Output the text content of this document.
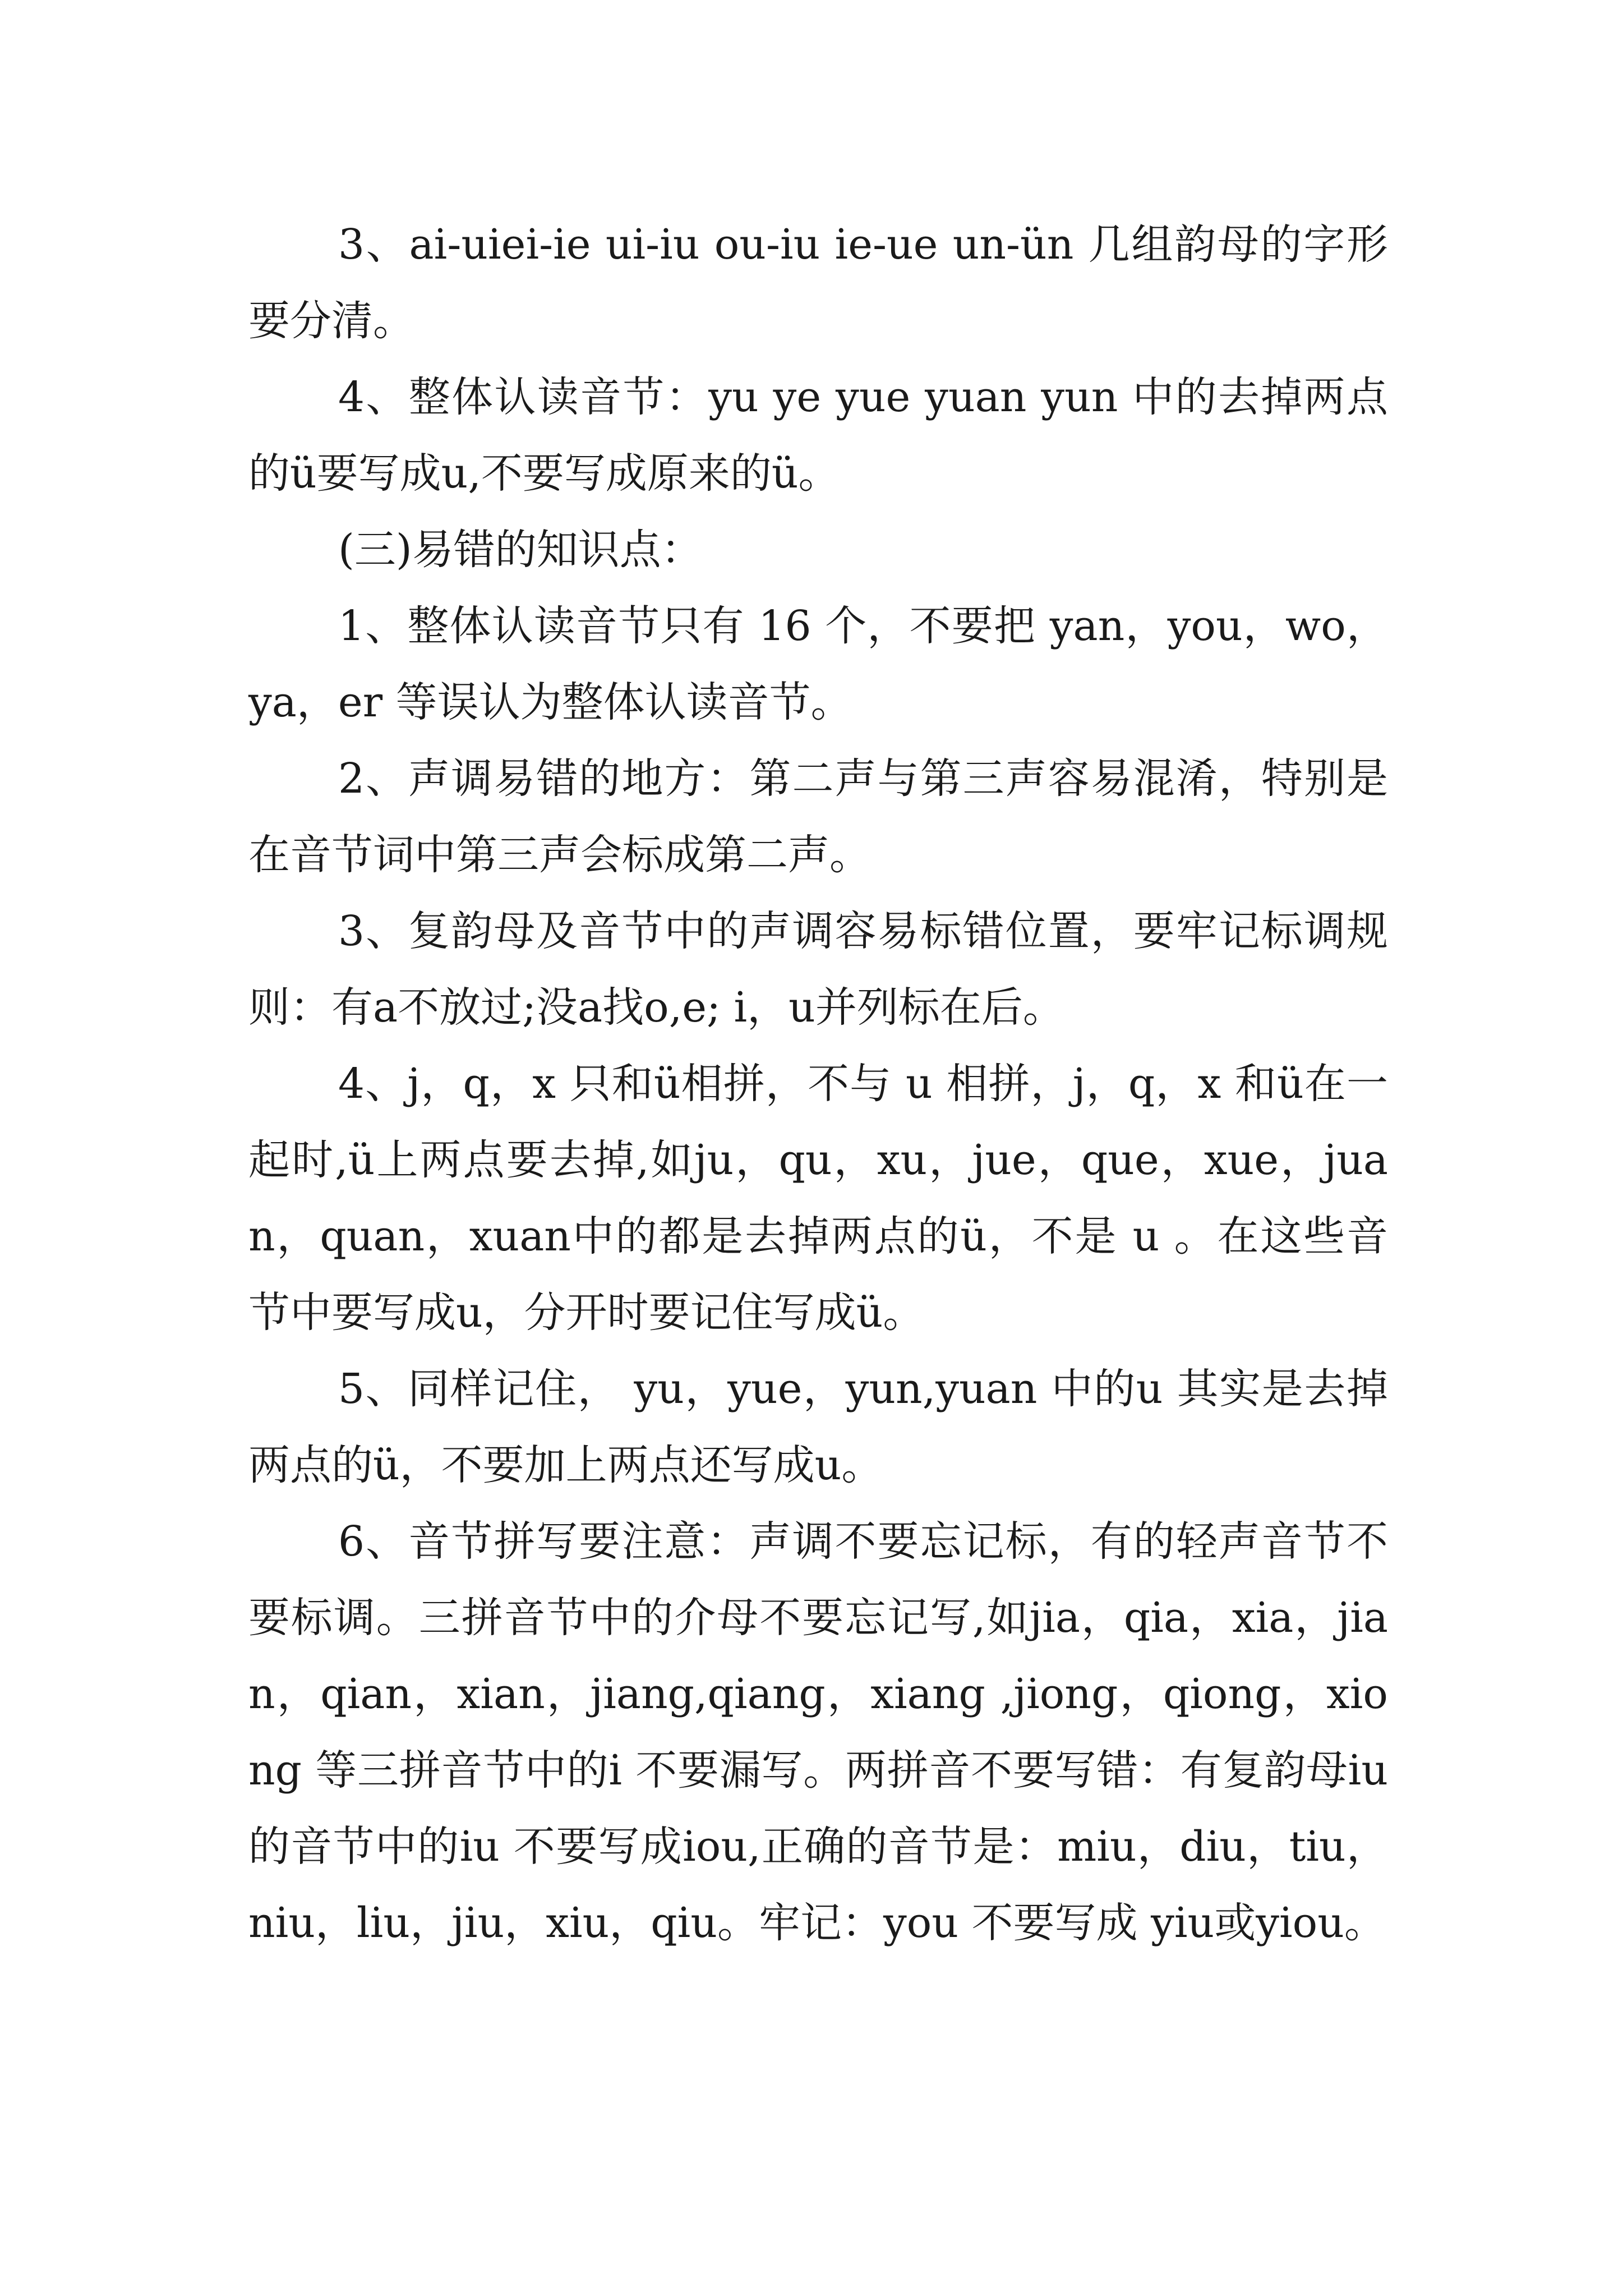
3、ai-uiei-ie ui-iu ou-iu ie-ue un-ün 几组韵母的字形要分清。

4、整体认读音节：yu ye yue yuan yun 中的去掉两点的ü要写成u,不要写成原来的ü。

(三)易错的知识点：

1、整体认读音节只有 16 个，不要把 yan，you，wo，ya，er 等误认为整体认读音节。

2、声调易错的地方：第二声与第三声容易混淆，特别是在音节词中第三声会标成第二声。

3、复韵母及音节中的声调容易标错位置，要牢记标调规则：有a不放过;没a找o,e; i，u并列标在后。

4、j，q，x 只和ü相拼，不与 u 相拼，j，q，x 和ü在一起时,ü上两点要去掉,如ju，qu，xu，jue，que，xue，juan，quan，xuan中的都是去掉两点的ü，不是 u 。在这些音节中要写成u，分开时要记住写成ü。

5、同样记住， yu，yue，yun,yuan 中的u 其实是去掉两点的ü，不要加上两点还写成u。

6、音节拼写要注意：声调不要忘记标，有的轻声音节不要标调。三拼音节中的介母不要忘记写,如jia，qia，xia，jian，qian，xian，jiang,qiang，xiang ,jiong，qiong，xiong 等三拼音节中的i 不要漏写。两拼音不要写错：有复韵母iu 的音节中的iu 不要写成iou,正确的音节是：miu，diu，tiu，niu，liu，jiu，xiu，qiu。牢记：you 不要写成 yiu或yiou。
